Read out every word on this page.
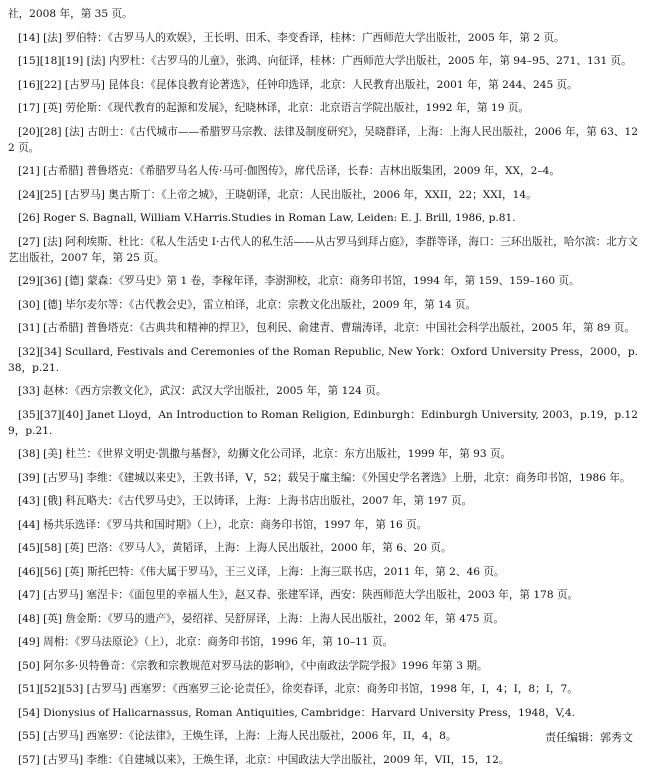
社，2008 年，第 35 页。

[14] [法] 罗伯特：《古罗马人的欢娱》，王长明、田禾、李变香译，桂林：广西师范大学出版社，2005 年，第 2 页。

[15][18][19] [法] 内罗杜：《古罗马的儿童》，张鸿、向征译，桂林：广西师范大学出版社，2005 年，第 94–95、271、131 页。

[16][22] [古罗马] 昆体良：《昆体良教育论著选》，任钟印选译，北京：人民教育出版社，2001 年，第 244、245 页。

[17] [英] 劳伦斯：《现代教育的起源和发展》，纪晓林译，北京：北京语言学院出版社，1992 年，第 19 页。

[20][28] [法] 古朗士：《古代城市——希腊罗马宗教、法律及制度研究》，吴晓群译，上海：上海人民出版社，2006 年，第 63、122 页。

[21] [古希腊] 普鲁塔克：《希腊罗马名人传·马可·伽图传》，席代岳译，长春：吉林出版集团，2009 年，XX，2–4。

[24][25] [古罗马] 奥古斯丁：《上帝之城》，王晓朝译，北京：人民出版社，2006 年，XXII，22；XXI，14。

[26] Roger S. Bagnall, William V.Harris.Studies in Roman Law, Leiden: E. J. Brill, 1986, p.81.

[27] [法] 阿利埃斯、杜比：《私人生活史 I·古代人的私生活——从古罗马到拜占庭》，李群等译，海口：三环出版社，哈尔滨：北方文艺出版社，2007 年，第 25 页。

[29][36] [德] 蒙森：《罗马史》第 1 卷，李稼年译，李澍泖校，北京：商务印书馆，1994 年，第 159、159–160 页。

[30] [德] 毕尔麦尔等：《古代教会史》，雷立柏译，北京：宗教文化出版社，2009 年，第 14 页。

[31] [古希腊] 普鲁塔克：《古典共和精神的捍卫》，包利民、俞建青、曹瑞涛译，北京：中国社会科学出版社，2005 年，第 89 页。

[32][34] Scullard, Festivals and Ceremonies of the Roman Republic, New York：Oxford University Press，2000，p.38，p.21.

[33] 赵林：《西方宗教文化》，武汉：武汉大学出版社，2005 年，第 124 页。

[35][37][40] Janet Lloyd，An Introduction to Roman Religion, Edinburgh：Edinburgh University, 2003，p.19，p.129，p.21.

[38] [美] 杜兰：《世界文明史·凯撒与基督》，幼狮文化公司译，北京：东方出版社，1999 年，第 93 页。

[39] [古罗马] 李维：《建城以来史》，王敦书译，V，52；载吴于廑主编：《外国史学名著选》上册，北京：商务印书馆，1986 年。

[43] [俄] 科瓦略夫：《古代罗马史》，王以铸译，上海：上海书店出版社，2007 年，第 197 页。

[44] 杨共乐选译：《罗马共和国时期》（上），北京：商务印书馆，1997 年，第 16 页。

[45][58] [英] 巴洛：《罗马人》，黄韬译，上海：上海人民出版社，2000 年，第 6、20 页。

[46][56] [英] 斯托巴特：《伟大属于罗马》，王三义译，上海：上海三联书店，2011 年，第 2、46 页。

[47] [古罗马] 塞涅卡：《面包里的幸福人生》，赵又春、张建军译，西安：陕西师范大学出版社，2003 年，第 178 页。

[48] [英] 詹金斯：《罗马的遗产》，晏绍祥、吴舒屏译，上海：上海人民出版社，2002 年，第 475 页。

[49] 周枏：《罗马法原论》（上），北京：商务印书馆，1996 年，第 10–11 页。

[50] 阿尔多·贝特鲁奇：《宗教和宗教规范对罗马法的影响》，《中南政法学院学报》1996 年第 3 期。

[51][52][53] [古罗马] 西塞罗：《西塞罗三论·论责任》，徐奕春译，北京：商务印书馆，1998 年，I，4；I，8；I，7。

[54] Dionysius of Halicarnassus, Roman Antiquities, Cambridge：Harvard University Press，1948，V,4.

[55] [古罗马] 西塞罗：《论法律》，王焕生译，上海：上海人民出版社，2006 年，II，4，8。

[57] [古罗马] 李维：《自建城以来》，王焕生译，北京：中国政法大学出版社，2009 年，VII，15，12。

责任编辑：郭秀文
